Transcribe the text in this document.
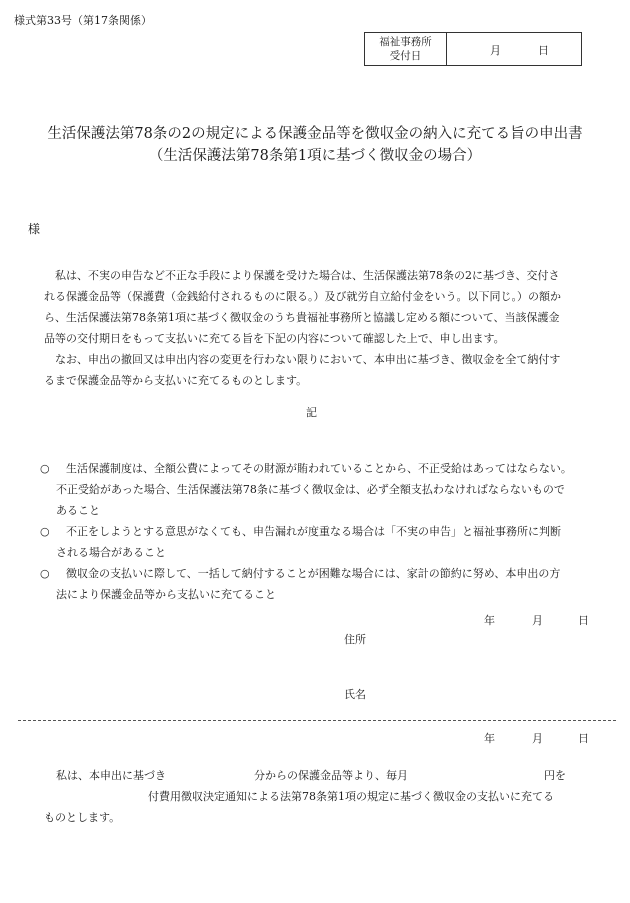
様式第33号（第17条関係）
福祉事務所
受付日	月	日
生活保護法第78条の2の規定による保護金品等を徴収金の納入に充てる旨の申出書
（生活保護法第78条第1項に基づく徴収金の場合）
様

私は、不実の申告など不正な手段により保護を受けた場合は、生活保護法第78条の2に基づき、交付さ

れる保護金品等（保護費（金銭給付されるものに限る。）及び就労自立給付金をいう。以下同じ。）の額か

ら、生活保護法第78条第1項に基づく徴収金のうち貴福祉事務所と協議し定める額について、当該保護金

品等の交付期日をもって支払いに充てる旨を下記の内容について確認した上で、申し出ます。

なお、申出の撤回又は申出内容の変更を行わない限りにおいて、本申出に基づき、徴収金を全て納付す

るまで保護金品等から支払いに充てるものとします。

記
○	生活保護制度は、全額公費によってその財源が賄われていることから、不正受給はあってはならない。
不正受給があった場合、生活保護法第78条に基づく徴収金は、必ず全額支払わなければならないもので
あること
○	不正をしようとする意思がなくても、申告漏れが度重なる場合は「不実の申告」と福祉事務所に判断
される場合があること
○	徴収金の支払いに際して、一括して納付することが困難な場合には、家計の節約に努め、本申出の方
法により保護金品等から支払いに充てること
年	月	日
住所
氏名
年	月	日
私は、本申出に基づき	分からの保護金品等より、毎月	円を
付費用徴収決定通知による法第78条第1項の規定に基づく徴収金の支払いに充てる
ものとします。
